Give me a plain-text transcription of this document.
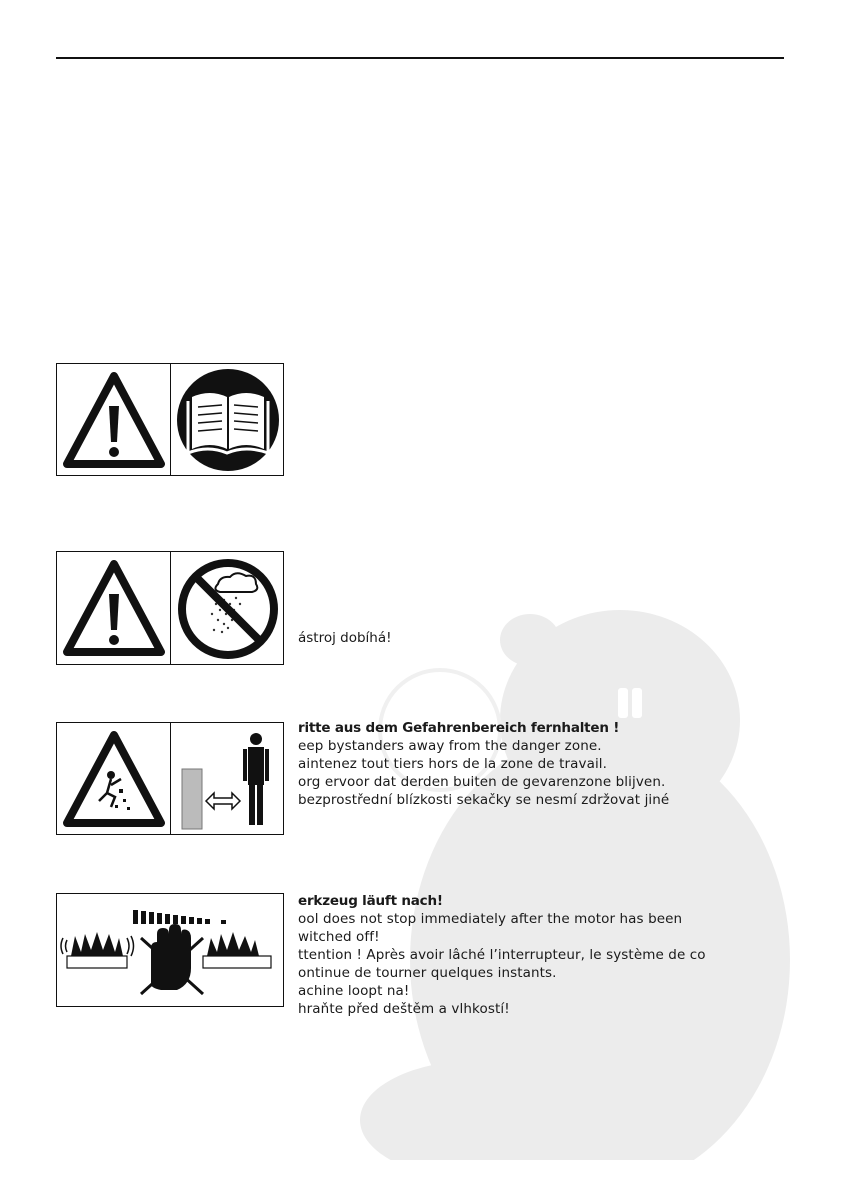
ástroj dobíhá!
ritte aus dem Gefahrenbereich fernhalten !
eep bystanders away from the danger zone.
aintenez tout tiers hors de la zone de travail.
org ervoor dat derden buiten de gevarenzone blijven.
bezprostřední blízkosti sekačky se nesmí zdržovat jiné
erkzeug läuft nach!
ool does not stop immediately after the motor has been
witched off!
ttention ! Après avoir lâché l’interrupteur, le système de co
ontinue de tourner quelques instants.
achine loopt na!
hraňte před deštěm a vlhkostí!
